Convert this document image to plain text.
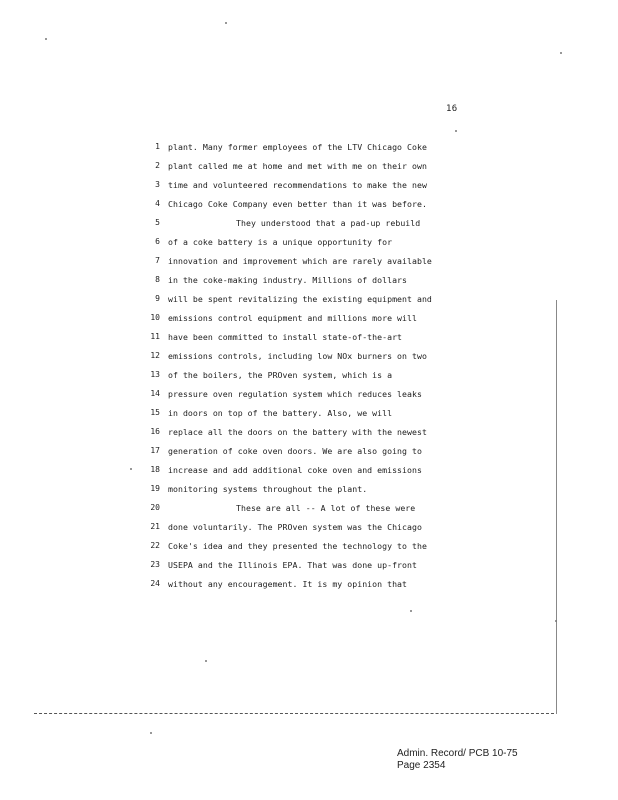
16
1 plant. Many former employees of the LTV Chicago Coke
2 plant called me at home and met with me on their own
3 time and volunteered recommendations to make the new
4 Chicago Coke Company even better than it was before.
5	They understood that a pad-up rebuild
6 of a coke battery is a unique opportunity for
7 innovation and improvement which are rarely available
8 in the coke-making industry. Millions of dollars
9 will be spent revitalizing the existing equipment and
10 emissions control equipment and millions more will
11 have been committed to install state-of-the-art
12 emissions controls, including low NOx burners on two
13 of the boilers, the PROven system, which is a
14 pressure oven regulation system which reduces leaks
15 in doors on top of the battery. Also, we will
16 replace all the doors on the battery with the newest
17 generation of coke oven doors. We are also going to
18 increase and add additional coke oven and emissions
19 monitoring systems throughout the plant.
20	These are all -- A lot of these were
21 done voluntarily. The PROven system was the Chicago
22 Coke's idea and they presented the technology to the
23 USEPA and the Illinois EPA. That was done up-front
24 without any encouragement. It is my opinion that
Admin. Record/ PCB 10-75
Page 2354
